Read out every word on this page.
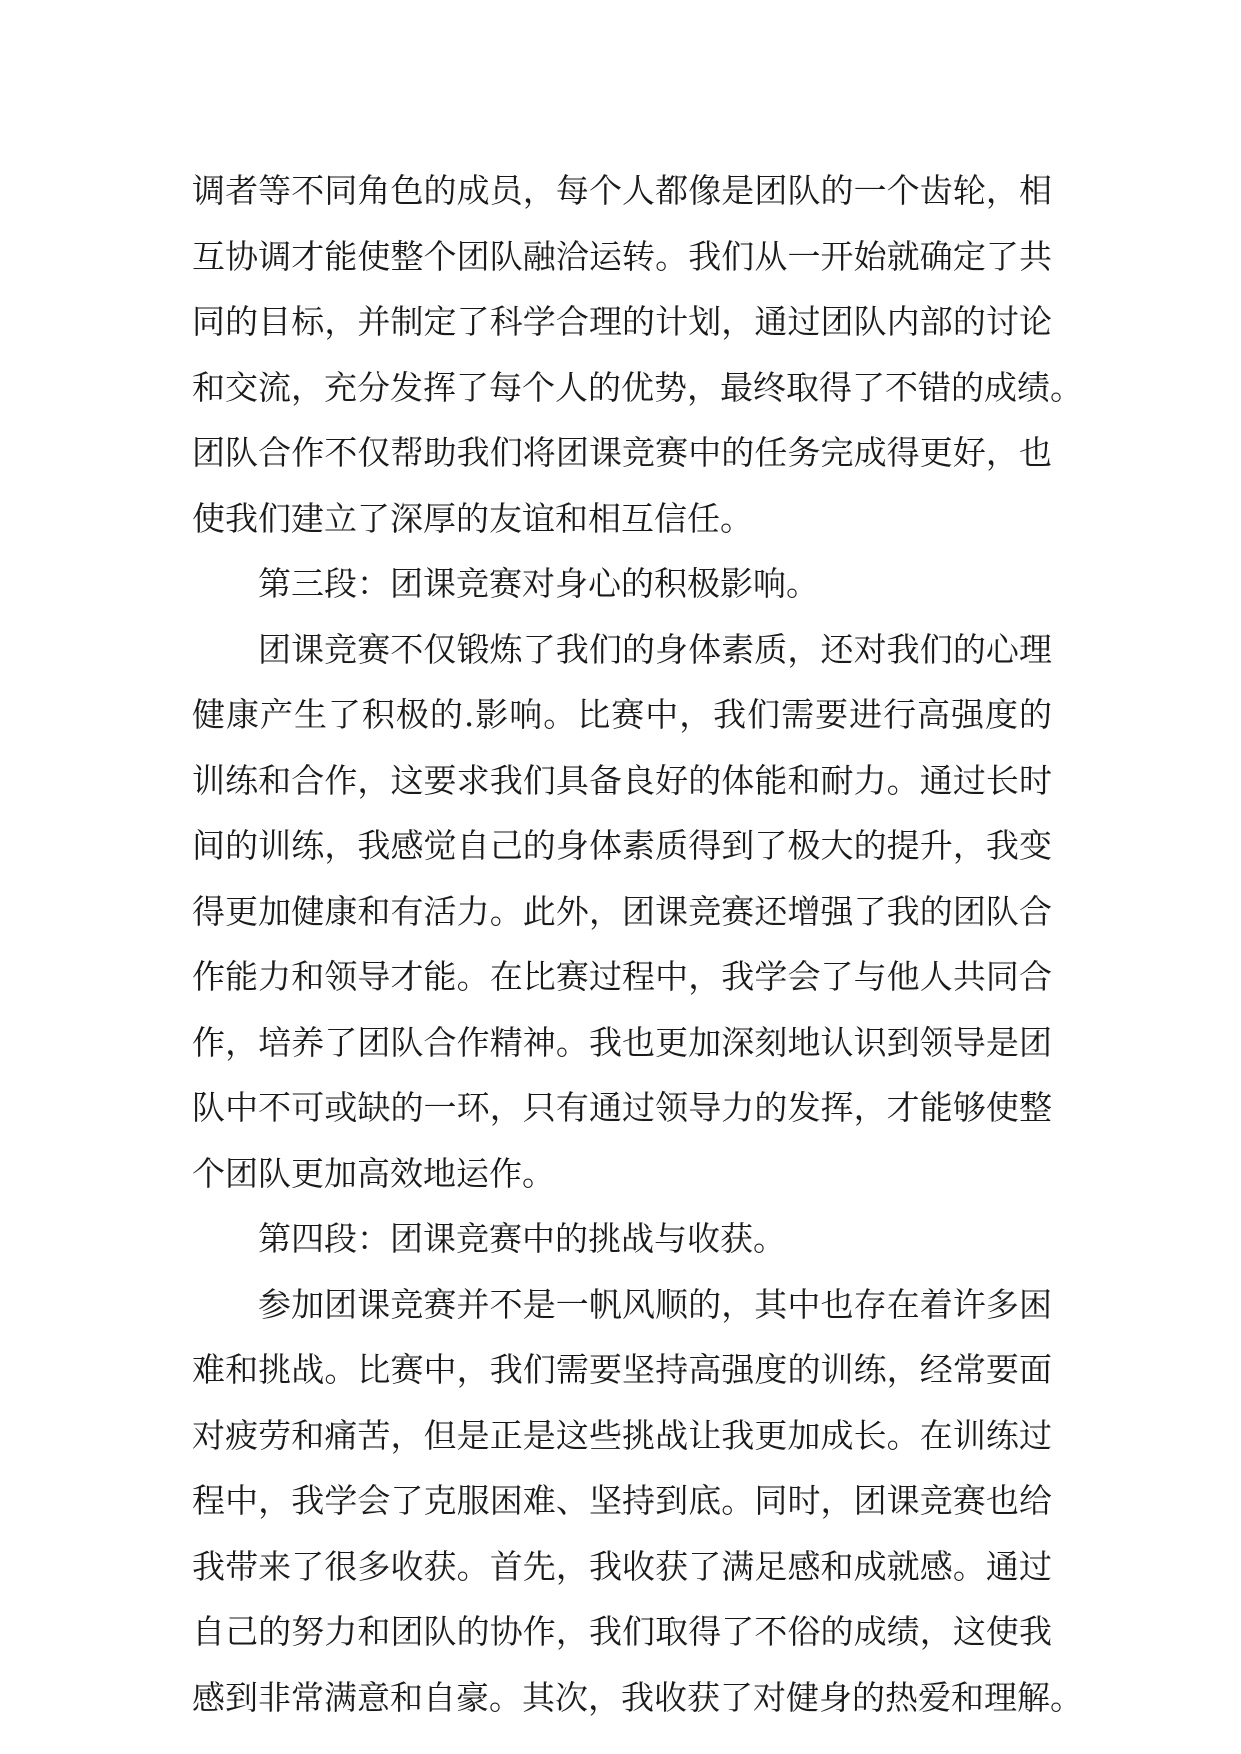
调者等不同角色的成员，每个人都像是团队的一个齿轮，相
互协调才能使整个团队融洽运转。我们从一开始就确定了共
同的目标，并制定了科学合理的计划，通过团队内部的讨论
和交流，充分发挥了每个人的优势，最终取得了不错的成绩。
团队合作不仅帮助我们将团课竞赛中的任务完成得更好，也
使我们建立了深厚的友谊和相互信任。
第三段：团课竞赛对身心的积极影响。
团课竞赛不仅锻炼了我们的身体素质，还对我们的心理
健康产生了积极的.影响。比赛中，我们需要进行高强度的
训练和合作，这要求我们具备良好的体能和耐力。通过长时
间的训练，我感觉自己的身体素质得到了极大的提升，我变
得更加健康和有活力。此外，团课竞赛还增强了我的团队合
作能力和领导才能。在比赛过程中，我学会了与他人共同合
作，培养了团队合作精神。我也更加深刻地认识到领导是团
队中不可或缺的一环，只有通过领导力的发挥，才能够使整
个团队更加高效地运作。
第四段：团课竞赛中的挑战与收获。
参加团课竞赛并不是一帆风顺的，其中也存在着许多困
难和挑战。比赛中，我们需要坚持高强度的训练，经常要面
对疲劳和痛苦，但是正是这些挑战让我更加成长。在训练过
程中，我学会了克服困难、坚持到底。同时，团课竞赛也给
我带来了很多收获。首先，我收获了满足感和成就感。通过
自己的努力和团队的协作，我们取得了不俗的成绩，这使我
感到非常满意和自豪。其次，我收获了对健身的热爱和理解。
